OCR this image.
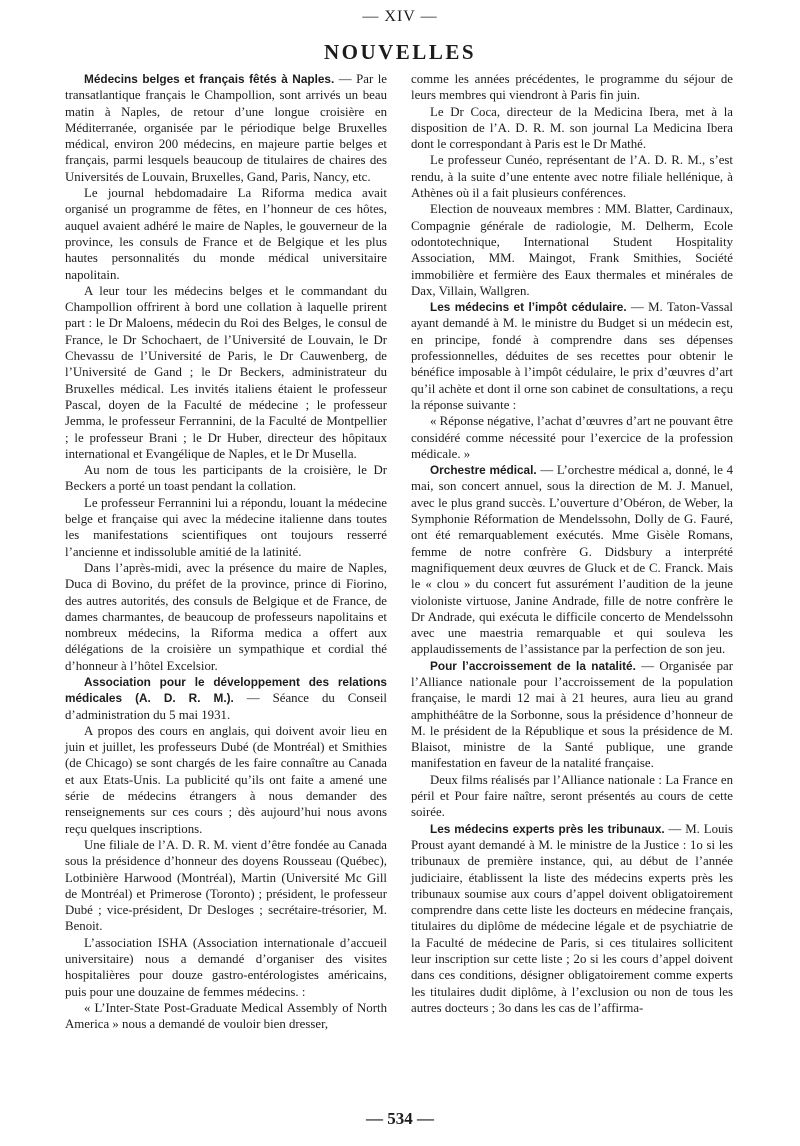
— XIV —
NOUVELLES

Médecins belges et français fêtés à Naples. — Par le transatlantique français le Champollion, sont arrivés un beau matin à Naples, de retour d’une longue croisière en Méditerranée, organisée par le périodique belge Bruxelles médical, environ 200 médecins, en majeure partie belges et français, parmi lesquels beaucoup de titulaires de chaires des Universités de Louvain, Bruxelles, Gand, Paris, Nancy, etc.

Le journal hebdomadaire La Riforma medica avait organisé un programme de fêtes, en l’honneur de ces hôtes, auquel avaient adhéré le maire de Naples, le gouverneur de la province, les consuls de France et de Belgique et les plus hautes personnalités du monde médical universitaire napolitain.

A leur tour les médecins belges et le commandant du Champollion offrirent à bord une collation à laquelle prirent part : le Dr Maloens, médecin du Roi des Belges, le consul de France, le Dr Schochaert, de l’Université de Louvain, le Dr Chevassu de l’Université de Paris, le Dr Cauwenberg, de l’Université de Gand ; le Dr Beckers, administrateur du Bruxelles médical. Les invités italiens étaient le professeur Pascal, doyen de la Faculté de médecine ; le professeur Jemma, le professeur Ferrannini, de la Faculté de Montpellier ; le professeur Brani ; le Dr Huber, directeur des hôpitaux international et Evangélique de Naples, et le Dr Musella.

Au nom de tous les participants de la croisière, le Dr Beckers a porté un toast pendant la collation.

Le professeur Ferrannini lui a répondu, louant la médecine belge et française qui avec la médecine italienne dans toutes les manifestations scientifiques ont toujours resserré l’ancienne et indissoluble amitié de la latinité.

Dans l’après-midi, avec la présence du maire de Naples, Duca di Bovino, du préfet de la province, prince di Fiorino, des autres autorités, des consuls de Belgique et de France, de dames charmantes, de beaucoup de professeurs napolitains et nombreux médecins, la Riforma medica a offert aux délégations de la croisière un sympathique et cordial thé d’honneur à l’hôtel Excelsior.

Association pour le développement des relations médicales (A. D. R. M.). — Séance du Conseil d’administration du 5 mai 1931.

A propos des cours en anglais, qui doivent avoir lieu en juin et juillet, les professeurs Dubé (de Montréal) et Smithies (de Chicago) se sont chargés de les faire connaître au Canada et aux Etats-Unis. La publicité qu’ils ont faite a amené une série de médecins étrangers à nous demander des renseignements sur ces cours ; dès aujourd’hui nous avons reçu quelques inscriptions.

Une filiale de l’A. D. R. M. vient d’être fondée au Canada sous la présidence d’honneur des doyens Rousseau (Québec), Lotbinière Harwood (Montréal), Martin (Université Mc Gill de Montréal) et Primerose (Toronto) ; président, le professeur Dubé ; vice-président, Dr Desloges ; secrétaire-trésorier, M. Benoit.

L’association ISHA (Association internationale d’accueil universitaire) nous a demandé d’organiser des visites hospitalières pour douze gastro-entérologistes américains, puis pour une douzaine de femmes médecins. :

« L’Inter-State Post-Graduate Medical Assembly of North America » nous a demandé de vouloir bien dresser,

comme les années précédentes, le programme du séjour de leurs membres qui viendront à Paris fin juin.

Le Dr Coca, directeur de la Medicina Ibera, met à la disposition de l’A. D. R. M. son journal La Medicina Ibera dont le correspondant à Paris est le Dr Mathé.

Le professeur Cunéo, représentant de l’A. D. R. M., s’est rendu, à la suite d’une entente avec notre filiale hellénique, à Athènes où il a fait plusieurs conférences.

Election de nouveaux membres : MM. Blatter, Cardinaux, Compagnie générale de radiologie, M. Delherm, Ecole odontotechnique, International Student Hospitality Association, MM. Maingot, Frank Smithies, Société immobilière et fermière des Eaux thermales et minérales de Dax, Villain, Wallgren.

Les médecins et l’impôt cédulaire. — M. Taton-Vassal ayant demandé à M. le ministre du Budget si un médecin est, en principe, fondé à comprendre dans ses dépenses professionnelles, déduites de ses recettes pour obtenir le bénéfice imposable à l’impôt cédulaire, le prix d’œuvres d’art qu’il achète et dont il orne son cabinet de consultations, a reçu la réponse suivante :

« Réponse négative, l’achat d’œuvres d’art ne pouvant être considéré comme nécessité pour l’exercice de la profession médicale. »

Orchestre médical. — L’orchestre médical a, donné, le 4 mai, son concert annuel, sous la direction de M. J. Manuel, avec le plus grand succès. L’ouverture d’Obéron, de Weber, la Symphonie Réformation de Mendelssohn, Dolly de G. Fauré, ont été remarquablement exécutés. Mme Gisèle Romans, femme de notre confrère G. Didsbury a interprété magnifiquement deux œuvres de Gluck et de C. Franck. Mais le « clou » du concert fut assurément l’audition de la jeune violoniste virtuose, Janine Andrade, fille de notre confrère le Dr Andrade, qui exécuta le difficile concerto de Mendelssohn avec une maestria remarquable et qui souleva les applaudissements de l’assistance par la perfection de son jeu.

Pour l’accroissement de la natalité. — Organisée par l’Alliance nationale pour l’accroissement de la population française, le mardi 12 mai à 21 heures, aura lieu au grand amphithéâtre de la Sorbonne, sous la présidence d’honneur de M. le président de la République et sous la présidence de M. Blaisot, ministre de la Santé publique, une grande manifestation en faveur de la natalité française.

Deux films réalisés par l’Alliance nationale : La France en péril et Pour faire naître, seront présentés au cours de cette soirée.

Les médecins experts près les tribunaux. — M. Louis Proust ayant demandé à M. le ministre de la Justice : 1o si les tribunaux de première instance, qui, au début de l’année judiciaire, établissent la liste des médecins experts près les tribunaux soumise aux cours d’appel doivent obligatoirement comprendre dans cette liste les docteurs en médecine français, titulaires du diplôme de médecine légale et de psychiatrie de la Faculté de médecine de Paris, si ces titulaires sollicitent leur inscription sur cette liste ; 2o si les cours d’appel doivent dans ces conditions, désigner obligatoirement comme experts les titulaires dudit diplôme, à l’exclusion ou non de tous les autres docteurs ; 3o dans les cas de l’affirma-

— 534 —
